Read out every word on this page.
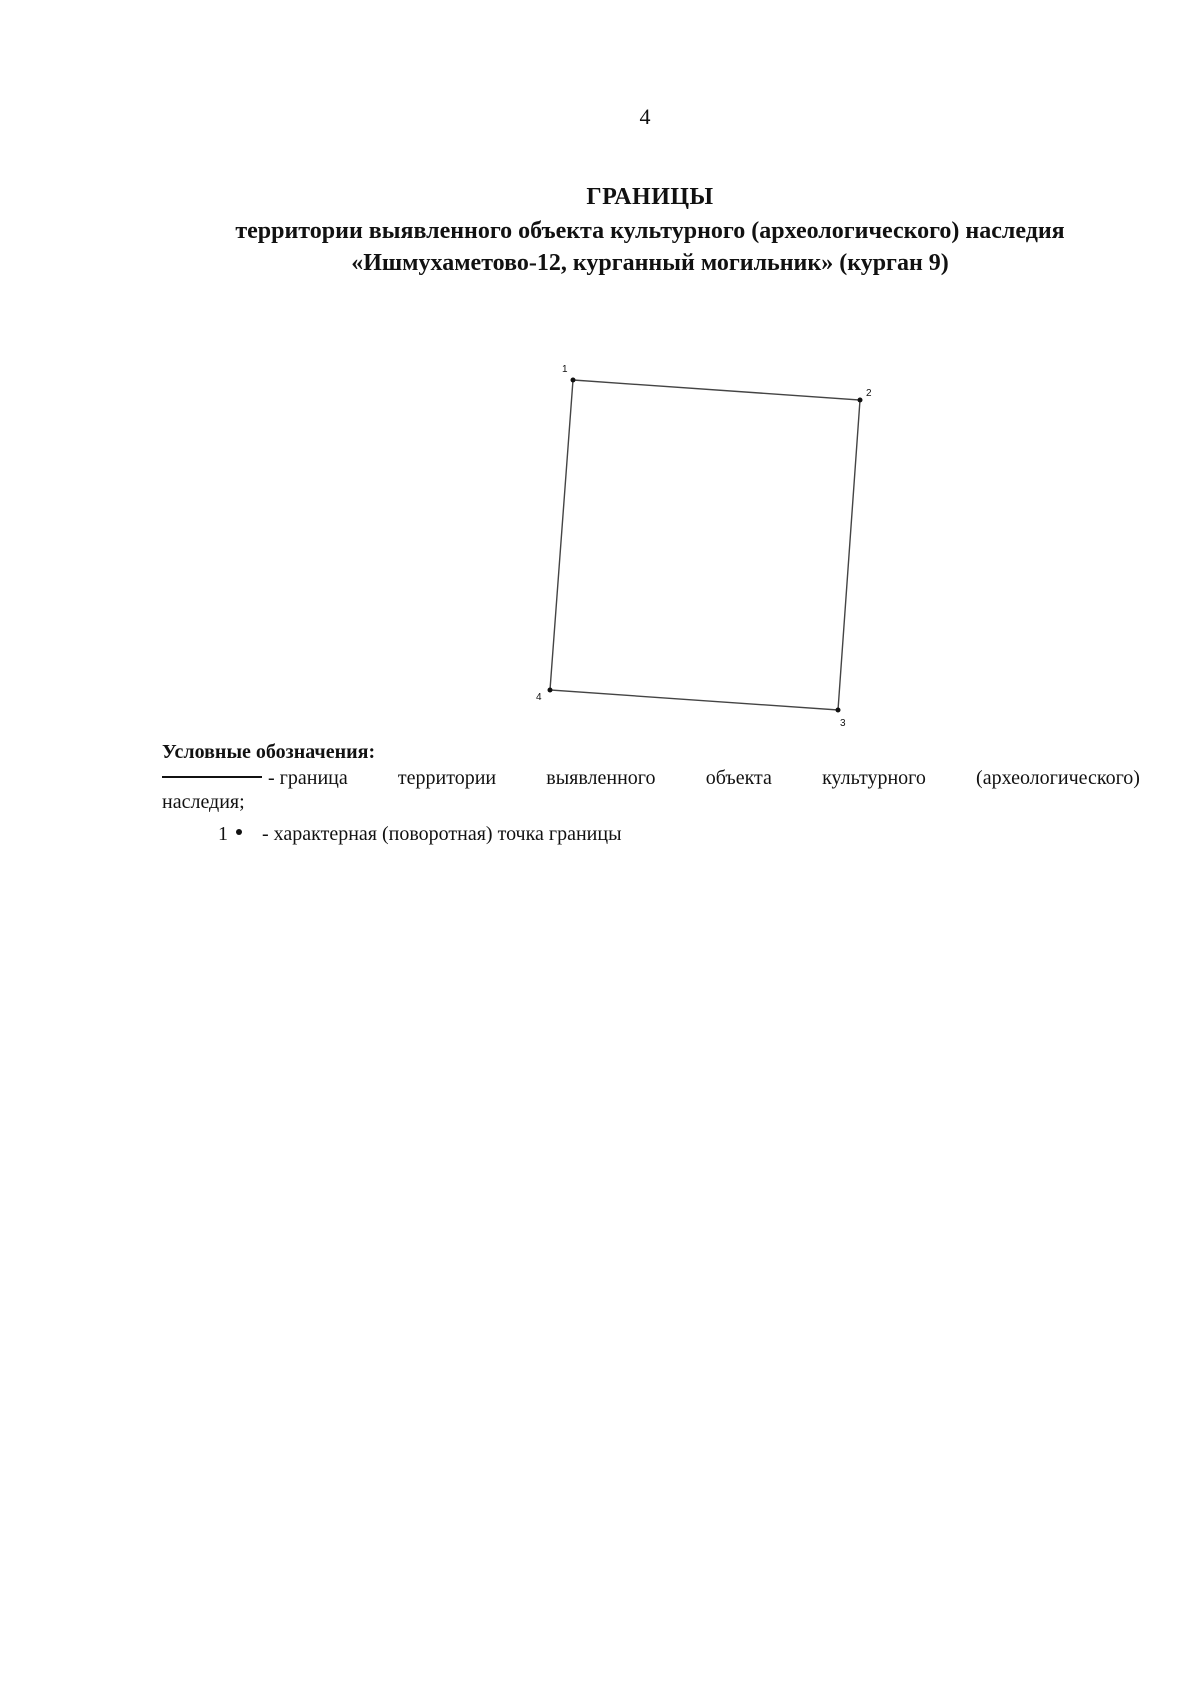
4
ГРАНИЦЫ
территории выявленного объекта культурного (археологического) наследия
«Ишмухаметово-12, курганный могильник» (курган 9)
1
2
3
4
Условные обозначения:
- граница	территории	выявленного	объекта	культурного	(археологического)
наследия;
1 - характерная (поворотная) точка границы
